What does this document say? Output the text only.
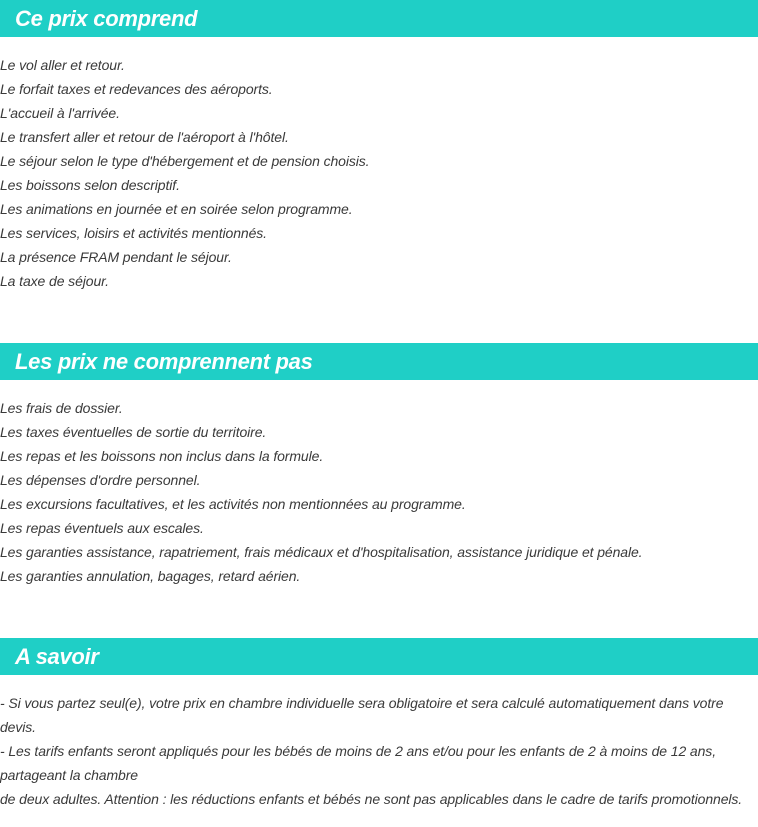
Ce prix comprend
Le vol aller et retour.
Le forfait taxes et redevances des aéroports.
L'accueil à l'arrivée.
Le transfert aller et retour de l'aéroport à l'hôtel.
Le séjour selon le type d'hébergement et de pension choisis.
Les boissons selon descriptif.
Les animations en journée et en soirée selon programme.
Les services, loisirs et activités mentionnés.
La présence FRAM pendant le séjour.
La taxe de séjour.
Les prix ne comprennent pas
Les frais de dossier.
Les taxes éventuelles de sortie du territoire.
Les repas et les boissons non inclus dans la formule.
Les dépenses d'ordre personnel.
Les excursions facultatives, et les activités non mentionnées au programme.
Les repas éventuels aux escales.
Les garanties assistance, rapatriement, frais médicaux et d'hospitalisation, assistance juridique et pénale.
Les garanties annulation, bagages, retard aérien.
A savoir
- Si vous partez seul(e), votre prix en chambre individuelle sera obligatoire et sera calculé automatiquement dans votre
devis.
- Les tarifs enfants seront appliqués pour les bébés de moins de 2 ans et/ou pour les enfants de 2 à moins de 12 ans,
partageant la chambre
de deux adultes. Attention : les réductions enfants et bébés ne sont pas applicables dans le cadre de tarifs promotionnels.
